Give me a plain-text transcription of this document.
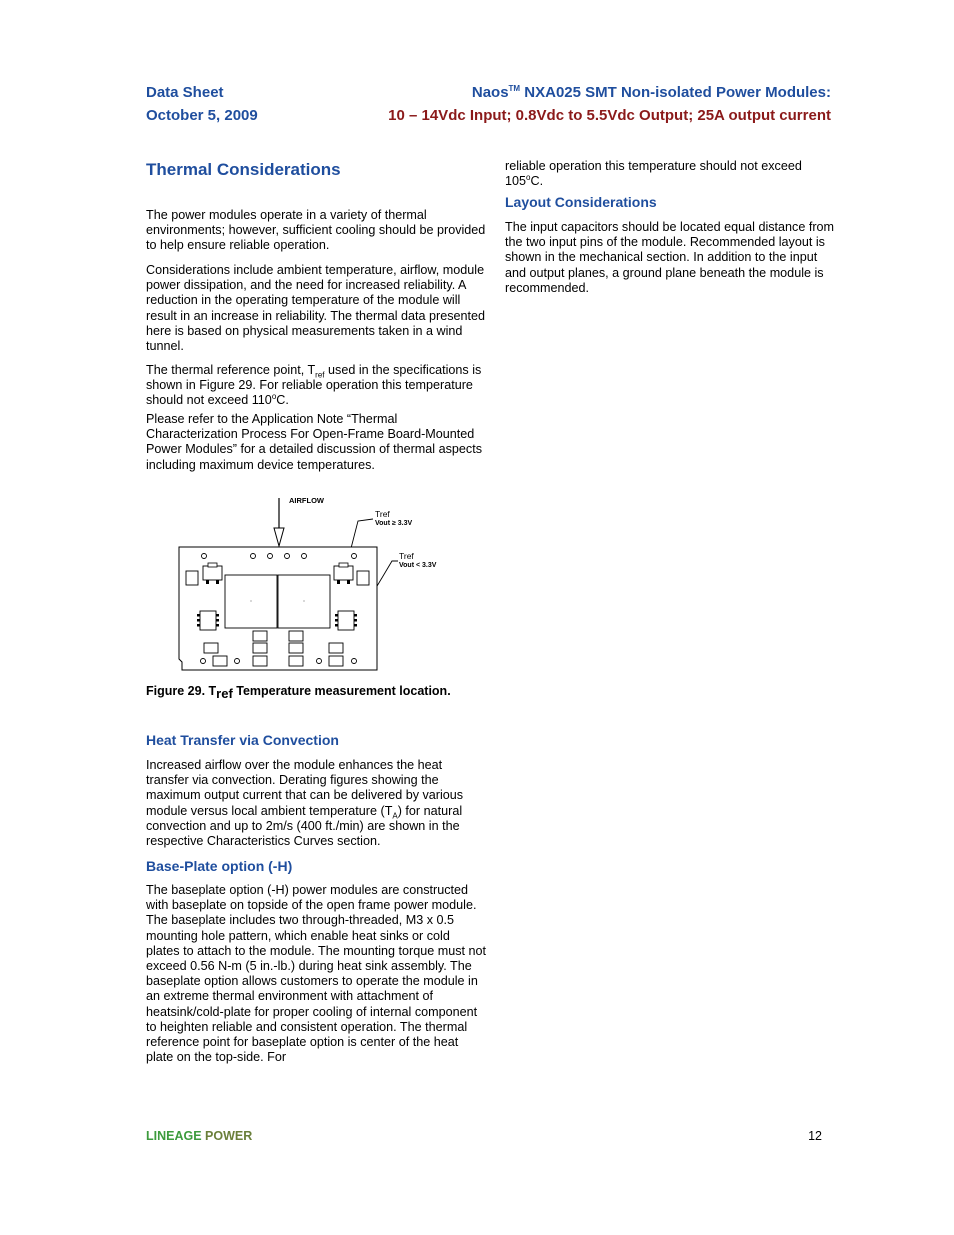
Data Sheet
October 5, 2009
Naos™ NXA025 SMT Non-isolated Power Modules:
10 – 14Vdc Input; 0.8Vdc to 5.5Vdc Output; 25A output current
Thermal Considerations

The power modules operate in a variety of thermal environments; however, sufficient cooling should be provided to help ensure reliable operation.

Considerations include ambient temperature, airflow, module power dissipation, and the need for increased reliability. A reduction in the operating temperature of the module will result in an increase in reliability. The thermal data presented here is based on physical measurements taken in a wind tunnel.

The thermal reference point, $T_{ref}$ used in the specifications is shown in Figure 29. For reliable operation this temperature should not exceed 110$^o$C.

Please refer to the Application Note “Thermal Characterization Process For Open-Frame Board-Mounted Power Modules” for a detailed discussion of thermal aspects including maximum device temperatures.

AIRFLOW
Tref
Vout ≥ 3.3V
Tref
Vout < 3.3V
Figure 29. Tref Temperature measurement location.
Heat Transfer via Convection

Increased airflow over the module enhances the heat transfer via convection. Derating figures showing the maximum output current that can be delivered by various module versus local ambient temperature $(T_A)$ for natural convection and up to 2m/s (400 ft./min) are shown in the respective Characteristics Curves section.

Base-Plate option (-H)

The baseplate option (-H) power modules are constructed with baseplate on topside of the open frame power module. The baseplate includes two through-threaded, M3 x 0.5 mounting hole pattern, which enable heat sinks or cold plates to attach to the module. The mounting torque must not exceed 0.56 N-m (5 in.-lb.) during heat sink assembly. The baseplate option allows customers to operate the module in an extreme thermal environment with attachment of heatsink/cold-plate for proper cooling of internal component to heighten reliable and consistent operation. The thermal reference point for baseplate option is center of the heat plate on the top-side. For

reliable operation this temperature should not exceed 105$^o$C.

Layout Considerations

The input capacitors should be located equal distance from the two input pins of the module. Recommended layout is shown in the mechanical section. In addition to the input and output planes, a ground plane beneath the module is recommended.

LINEAGE POWER	12
